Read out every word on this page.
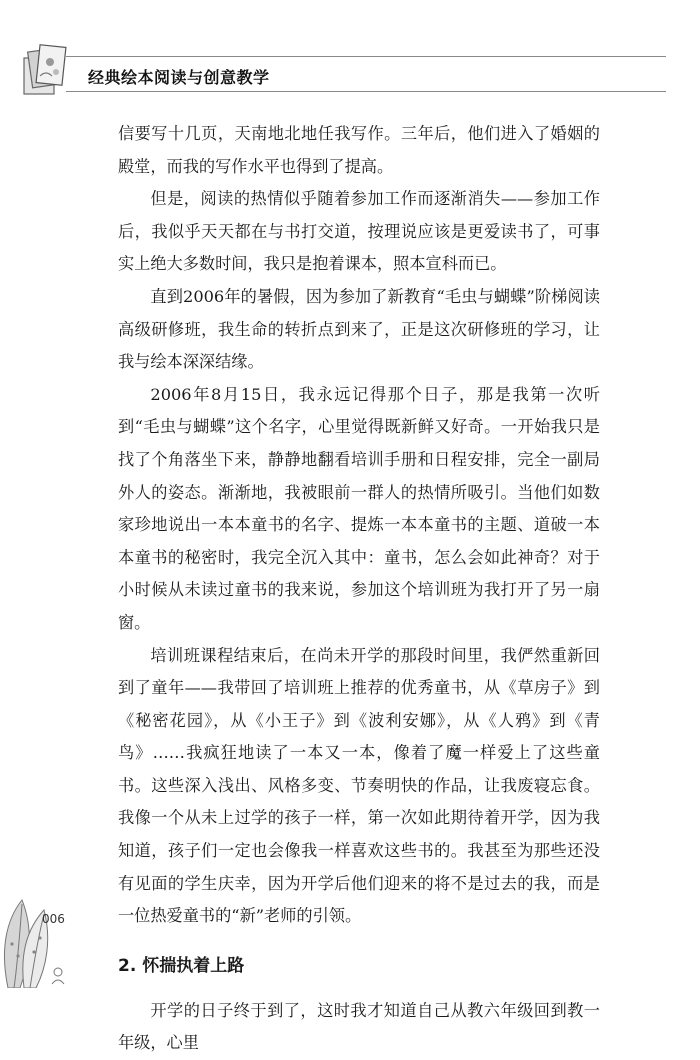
经典绘本阅读与创意教学

信要写十几页，天南地北地任我写作。三年后，他们进入了婚姻的殿堂，而我的写作水平也得到了提高。

但是，阅读的热情似乎随着参加工作而逐渐消失——参加工作后，我似乎天天都在与书打交道，按理说应该是更爱读书了，可事实上绝大多数时间，我只是抱着课本，照本宣科而已。

直到2006年的暑假，因为参加了新教育“毛虫与蝴蝶”阶梯阅读高级研修班，我生命的转折点到来了，正是这次研修班的学习，让我与绘本深深结缘。

2006年8月15日，我永远记得那个日子，那是我第一次听到“毛虫与蝴蝶”这个名字，心里觉得既新鲜又好奇。一开始我只是找了个角落坐下来，静静地翻看培训手册和日程安排，完全一副局外人的姿态。渐渐地，我被眼前一群人的热情所吸引。当他们如数家珍地说出一本本童书的名字、提炼一本本童书的主题、道破一本本童书的秘密时，我完全沉入其中：童书，怎么会如此神奇？对于小时候从未读过童书的我来说，参加这个培训班为我打开了另一扇窗。

培训班课程结束后，在尚未开学的那段时间里，我俨然重新回到了童年——我带回了培训班上推荐的优秀童书，从《草房子》到《秘密花园》，从《小王子》到《波利安娜》，从《人鸦》到《青鸟》……我疯狂地读了一本又一本，像着了魔一样爱上了这些童书。这些深入浅出、风格多变、节奏明快的作品，让我废寝忘食。我像一个从未上过学的孩子一样，第一次如此期待着开学，因为我知道，孩子们一定也会像我一样喜欢这些书的。我甚至为那些还没有见面的学生庆幸，因为开学后他们迎来的将不是过去的我，而是一位热爱童书的“新”老师的引领。

2. 怀揣执着上路

开学的日子终于到了，这时我才知道自己从教六年级回到教一年级，心里

006
